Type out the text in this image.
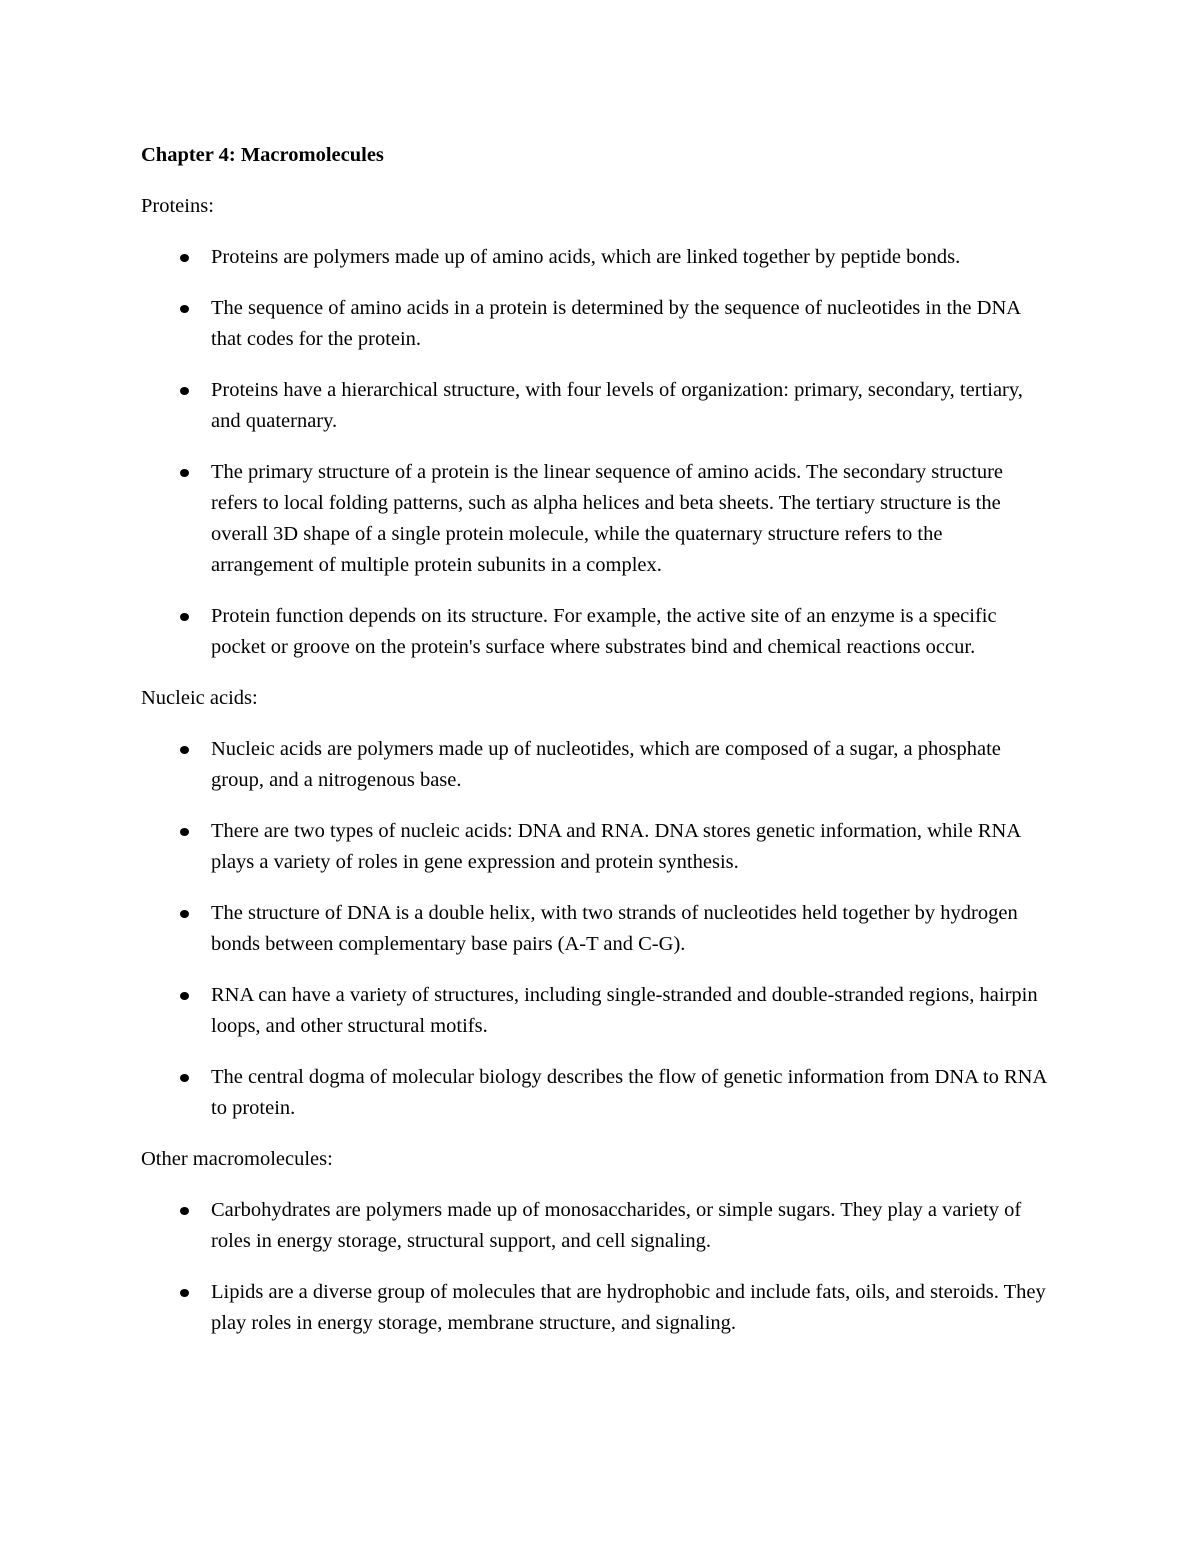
Chapter 4: Macromolecules

Proteins:

Proteins are polymers made up of amino acids, which are linked together by peptide bonds.
The sequence of amino acids in a protein is determined by the sequence of nucleotides in the DNA that codes for the protein.
Proteins have a hierarchical structure, with four levels of organization: primary, secondary, tertiary, and quaternary.
The primary structure of a protein is the linear sequence of amino acids. The secondary structure refers to local folding patterns, such as alpha helices and beta sheets. The tertiary structure is the overall 3D shape of a single protein molecule, while the quaternary structure refers to the arrangement of multiple protein subunits in a complex.
Protein function depends on its structure. For example, the active site of an enzyme is a specific pocket or groove on the protein's surface where substrates bind and chemical reactions occur.

Nucleic acids:

Nucleic acids are polymers made up of nucleotides, which are composed of a sugar, a phosphate group, and a nitrogenous base.
There are two types of nucleic acids: DNA and RNA. DNA stores genetic information, while RNA plays a variety of roles in gene expression and protein synthesis.
The structure of DNA is a double helix, with two strands of nucleotides held together by hydrogen bonds between complementary base pairs (A-T and C-G).
RNA can have a variety of structures, including single-stranded and double-stranded regions, hairpin loops, and other structural motifs.
The central dogma of molecular biology describes the flow of genetic information from DNA to RNA to protein.

Other macromolecules:

Carbohydrates are polymers made up of monosaccharides, or simple sugars. They play a variety of roles in energy storage, structural support, and cell signaling.
Lipids are a diverse group of molecules that are hydrophobic and include fats, oils, and steroids. They play roles in energy storage, membrane structure, and signaling.
